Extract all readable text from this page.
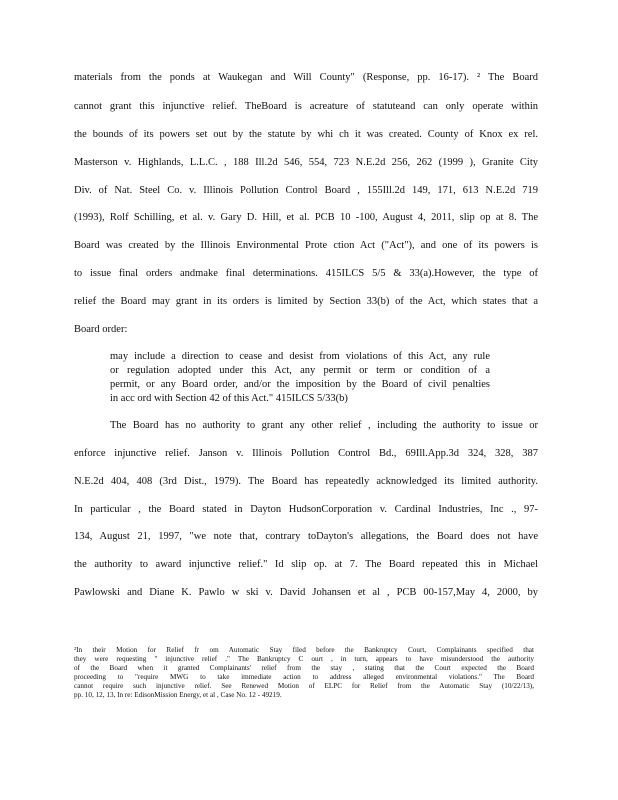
materials from the ponds at Waukegan and Will County" (Response, pp. 16-17). ² The Board
cannot grant this injunctive relief. TheBoard is acreature of statuteand can only operate within
the bounds of its powers set out by the statute by whi ch it was created. County of Knox ex rel.
Masterson v. Highlands, L.L.C. , 188 Ill.2d 546, 554, 723 N.E.2d 256, 262 (1999 ), Granite City
Div. of Nat. Steel Co. v. Illinois Pollution Control Board , 155Ill.2d 149, 171, 613 N.E.2d 719
(1993), Rolf Schilling, et al. v. Gary D. Hill, et al. PCB 10 -100, August 4, 2011, slip op at 8. The
Board was created by the Illinois Environmental Prote ction Act ("Act"), and one of its powers is
to issue final orders andmake final determinations. 415ILCS 5/5 & 33(a).However, the type of
relief the Board may grant in its orders is limited by Section 33(b) of the Act, which states that a
Board order:
may include a direction to cease and desist from violations of this Act, any rule
or regulation adopted under this Act, any permit or term or condition of a
permit, or any Board order, and/or the imposition by the Board of civil penalties
in acc ord with Section 42 of this Act." 415ILCS 5/33(b)
The Board has no authority to grant any other relief , including the authority to issue or
enforce injunctive relief. Janson v. Illinois Pollution Control Bd., 69Ill.App.3d 324, 328, 387
N.E.2d 404, 408 (3rd Dist., 1979). The Board has repeatedly acknowledged its limited authority.
In particular , the Board stated in Dayton HudsonCorporation v. Cardinal Industries, Inc ., 97-
134, August 21, 1997, "we note that, contrary toDayton's allegations, the Board does not have
the authority to award injunctive relief." Id slip op. at 7. The Board repeated this in Michael
Pawlowski and Diane K. Pawlo w ski v. David Johansen et al , PCB 00-157,May 4, 2000, by
²In their Motion for Relief fr om Automatic Stay filed before the Bankruptcy Court, Complainants specified that
they were requesting " injunctive relief ." The Bankruptcy C ourt , in turn, appears to have misunderstood the authority
of the Board when it granted Complainants' relief from the stay , stating that the Court expected the Board
proceeding to "require MWG to take immediate action to address alleged environmental violations." The Board
cannot require such injunctive relief. See Renewed Motion of ELPC for Relief from the Automatic Stay (10/22/13),
pp. 10, 12, 13, In re: EdisonMission Energy, et al , Case No. 12 - 49219.
